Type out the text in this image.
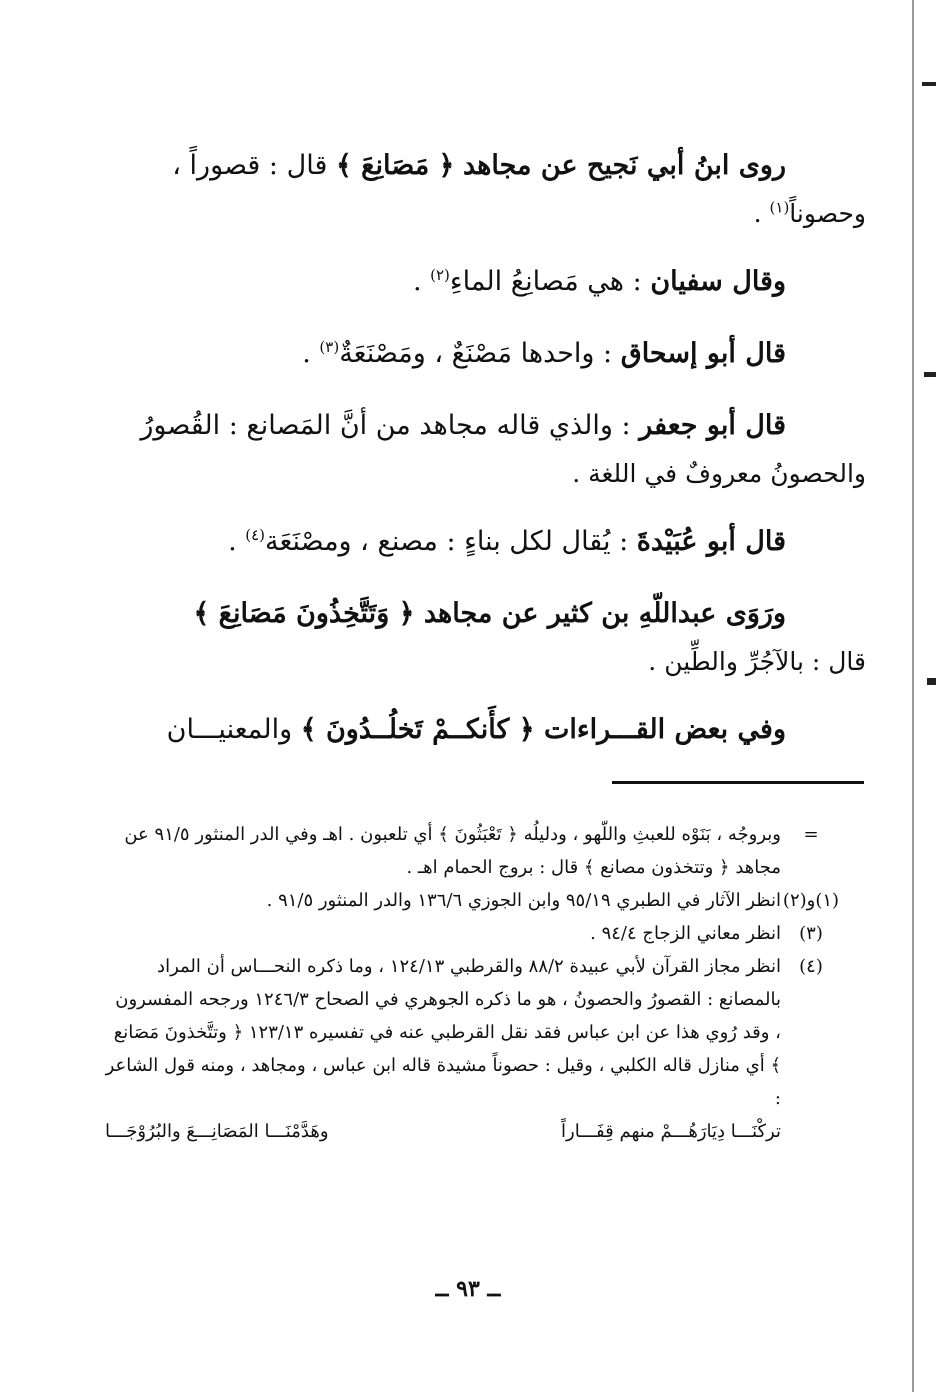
روى ابنُ أبي نَجيح عن مجاهد ﴿ مَصَانِعَ ﴾ قال : قصوراً ،
وحصوناً$^{(١)}$ .
وقال سفيان : هي مَصانِعُ الماءِ$^{(٢)}$ .
قال أبو إسحاق : واحدها مَصْنَعٌ ، ومَصْنَعَةٌ$^{(٣)}$ .
قال أبو جعفر : والذي قاله مجاهد من أنَّ المَصانع : القُصورُ
والحصونُ معروفٌ في اللغة .
قال أبو عُبَيْدةَ : يُقال لكل بناءٍ : مصنع ، ومصْنَعَة$^{(٤)}$ .
ورَوَى عبداللّهِ بن كثير عن مجاهد ﴿ وَتَتَّخِذُونَ مَصَانِعَ ﴾
قال : بالآجُرِّ والطِّين .
وفي بعض القـــراءات ﴿ كأَنكــمْ تَخلُــدُونَ ﴾ والمعنيـــان
=
وبروجُه ، بَنَوْه للعبثِ واللّهو ، ودليلُه ﴿ تَعْبَثُونَ ﴾ أي تلعبون . اهـ وفي الدر المنثور ٩١/٥ عن مجاهد ﴿ وتتخذون مصانع ﴾ قال : بروج الحمام اهـ .
(١)و(٢)
انظر الآثار في الطبري ٩٥/١٩ وابن الجوزي ١٣٦/٦ والدر المنثور ٩١/٥ .
(٣)
انظر معاني الزجاج ٩٤/٤ .
(٤)
انظر مجاز القرآن لأبي عبيدة ٨٨/٢ والقرطبي ١٢٤/١٣ ، وما ذكره النحـــاس أن المراد بالمصانع : القصورُ والحصونُ ، هو ما ذكره الجوهري في الصحاح ١٢٤٦/٣ ورجحه المفسرون ، وقد رُوي هذا عن ابن عباس فقد نقل القرطبي عنه في تفسيره ١٢٣/١٣ ﴿ وتتَّخذونَ مَصَانع ﴾ أي منازل قاله الكلبي ، وقيل : حصوناً مشيدة قاله ابن عباس ، ومجاهد ، ومنه قول الشاعر :
تركْنَـــا دِيَارَهُـــمْ منهم قِفَـــاراً
وهَدَّمْنَـــا المَصَانِـــعَ والبُرُوْجَـــا
ــ ٩٣ ــ
